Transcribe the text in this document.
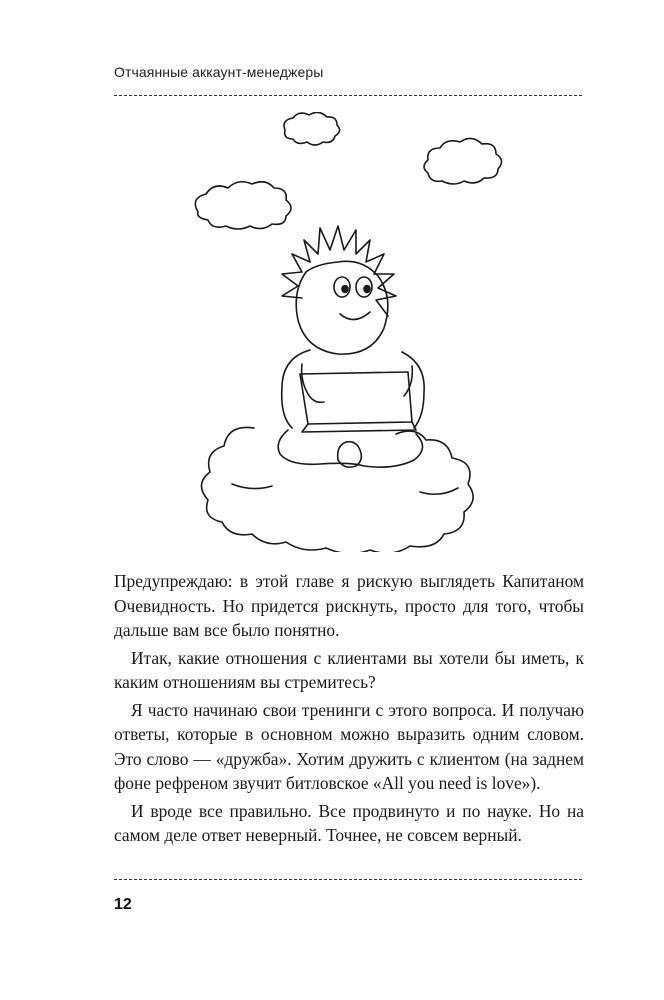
Отчаянные аккаунт-менеджеры

Предупреждаю: в этой главе я рискую выглядеть Капитаном Очевидность. Но придется рискнуть, просто для того, чтобы дальше вам все было понятно.

Итак, какие отношения с клиентами вы хотели бы иметь, к каким отношениям вы стремитесь?

Я часто начинаю свои тренинги с этого вопроса. И получаю ответы, которые в основном можно выразить одним словом. Это слово — «дружба». Хотим дружить с клиентом (на заднем фоне рефреном звучит битловское «All you need is love»).

И вроде все правильно. Все продвинуто и по науке. Но на самом деле ответ неверный. Точнее, не совсем верный.

12
